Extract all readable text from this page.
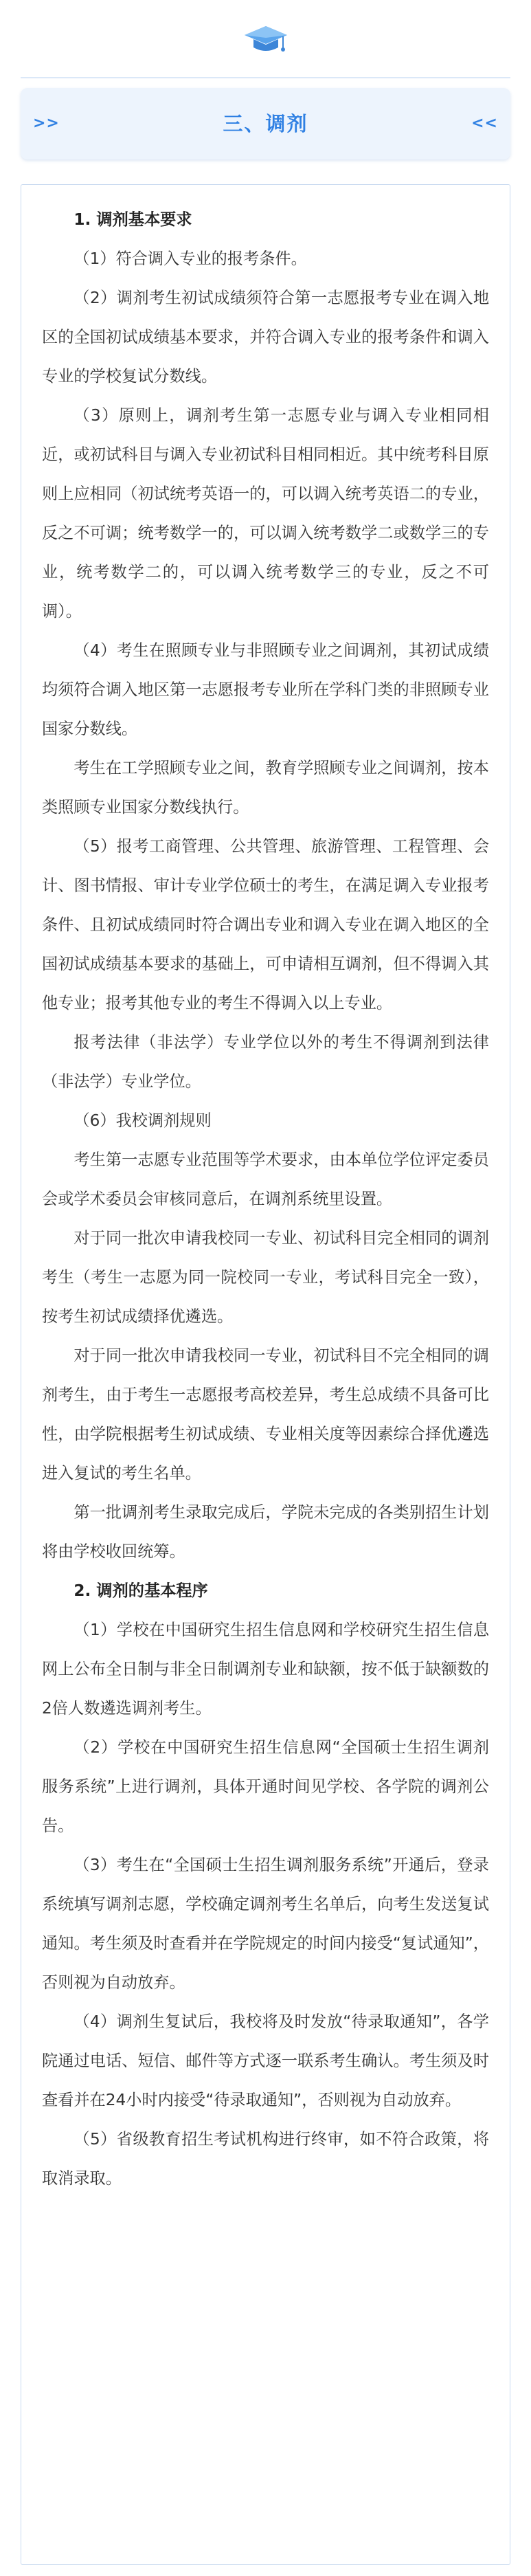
>>	三、调剂	<<

1. 调剂基本要求

（1）符合调入专业的报考条件。

（2）调剂考生初试成绩须符合第一志愿报考专业在调入地区的全国初试成绩基本要求，并符合调入专业的报考条件和调入专业的学校复试分数线。

（3）原则上，调剂考生第一志愿专业与调入专业相同相近，或初试科目与调入专业初试科目相同相近。其中统考科目原则上应相同（初试统考英语一的，可以调入统考英语二的专业，反之不可调；统考数学一的，可以调入统考数学二或数学三的专业，统考数学二的，可以调入统考数学三的专业，反之不可调）。

（4）考生在照顾专业与非照顾专业之间调剂，其初试成绩均须符合调入地区第一志愿报考专业所在学科门类的非照顾专业国家分数线。

考生在工学照顾专业之间，教育学照顾专业之间调剂，按本类照顾专业国家分数线执行。

（5）报考工商管理、公共管理、旅游管理、工程管理、会计、图书情报、审计专业学位硕士的考生，在满足调入专业报考条件、且初试成绩同时符合调出专业和调入专业在调入地区的全国初试成绩基本要求的基础上，可申请相互调剂，但不得调入其他专业；报考其他专业的考生不得调入以上专业。

报考法律（非法学）专业学位以外的考生不得调剂到法律（非法学）专业学位。

（6）我校调剂规则

考生第一志愿专业范围等学术要求，由本单位学位评定委员会或学术委员会审核同意后，在调剂系统里设置。

对于同一批次申请我校同一专业、初试科目完全相同的调剂考生（考生一志愿为同一院校同一专业，考试科目完全一致），按考生初试成绩择优遴选。

对于同一批次申请我校同一专业，初试科目不完全相同的调剂考生，由于考生一志愿报考高校差异，考生总成绩不具备可比性，由学院根据考生初试成绩、专业相关度等因素综合择优遴选进入复试的考生名单。

第一批调剂考生录取完成后，学院未完成的各类别招生计划将由学校收回统筹。

2. 调剂的基本程序

（1）学校在中国研究生招生信息网和学校研究生招生信息网上公布全日制与非全日制调剂专业和缺额，按不低于缺额数的2倍人数遴选调剂考生。

（2）学校在中国研究生招生信息网“全国硕士生招生调剂服务系统”上进行调剂，具体开通时间见学校、各学院的调剂公告。

（3）考生在“全国硕士生招生调剂服务系统”开通后，登录系统填写调剂志愿，学校确定调剂考生名单后，向考生发送复试通知。考生须及时查看并在学院规定的时间内接受“复试通知”，否则视为自动放弃。

（4）调剂生复试后，我校将及时发放“待录取通知”，各学院通过电话、短信、邮件等方式逐一联系考生确认。考生须及时查看并在24小时内接受“待录取通知”，否则视为自动放弃。

（5）省级教育招生考试机构进行终审，如不符合政策，将取消录取。
